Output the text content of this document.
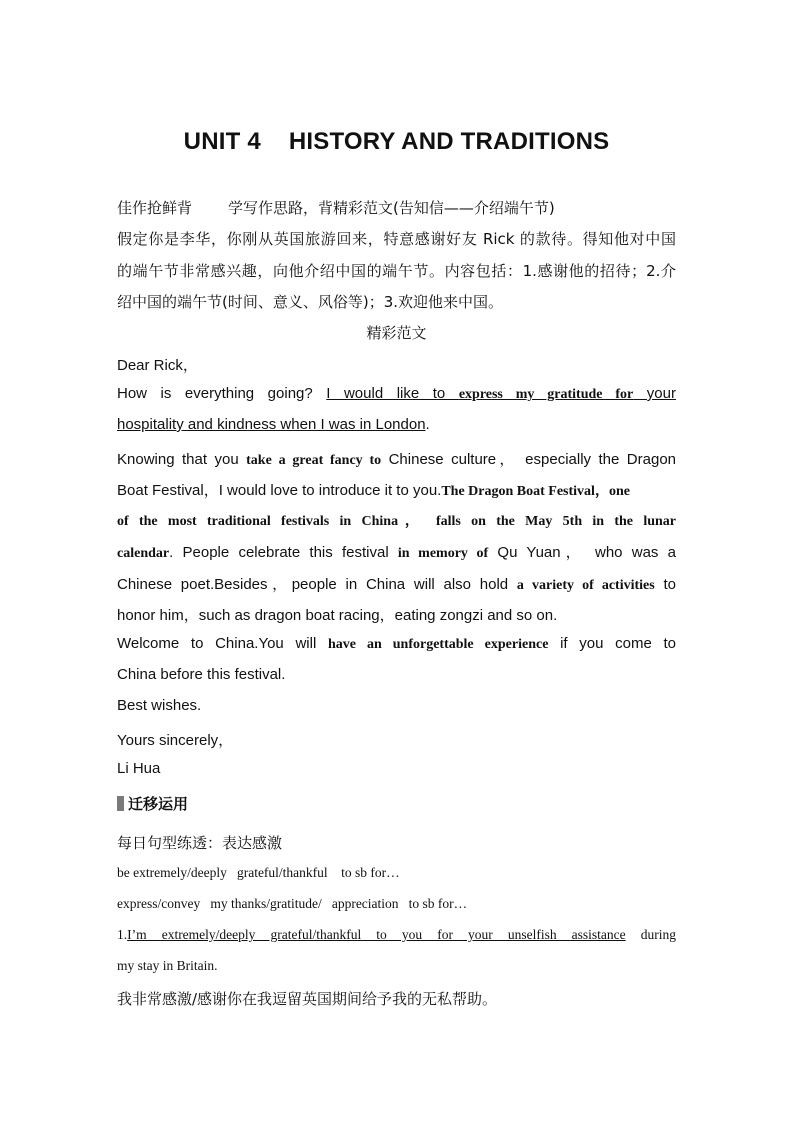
UNIT 4 HISTORY AND TRADITIONS
佳作抢鲜背 学写作思路，背精彩范文(告知信——介绍端午节)
假定你是李华，你刚从英国旅游回来，特意感谢好友 Rick 的款待。得知他对中国
的端午节非常感兴趣，向他介绍中国的端午节。内容包括：1.感谢他的招待；2.介
绍中国的端午节(时间、意义、风俗等)；3.欢迎他来中国。
精彩范文
Dear Rick，
How is everything going? I would like to express my gratitude for your
hospitality and kindness when I was in London.
Knowing that you take a great fancy to Chinese culture， especially the Dragon
Boat Festival，I would love to introduce it to you.The Dragon Boat Festival，one
of the most traditional festivals in China， falls on the May 5th in the lunar
calendar. People celebrate this festival in memory of Qu Yuan， who was a
Chinese poet.Besides，people in China will also hold a variety of activities to
honor him，such as dragon boat racing，eating zongzi and so on.
Welcome to China.You will have an unforgettable experience if you come to
China before this festival.
Best wishes.
Yours sincerely，
Li Hua
迁移运用
每日句型练透：表达感激
be extremely/deeply   grateful/thankful    to sb for…
express/convey   my thanks/gratitude/   appreciation   to sb for…
1.I’m extremely/deeply grateful/thankful to you for your unselfish assistance during
my stay in Britain.
我非常感激/感谢你在我逗留英国期间给予我的无私帮助。
